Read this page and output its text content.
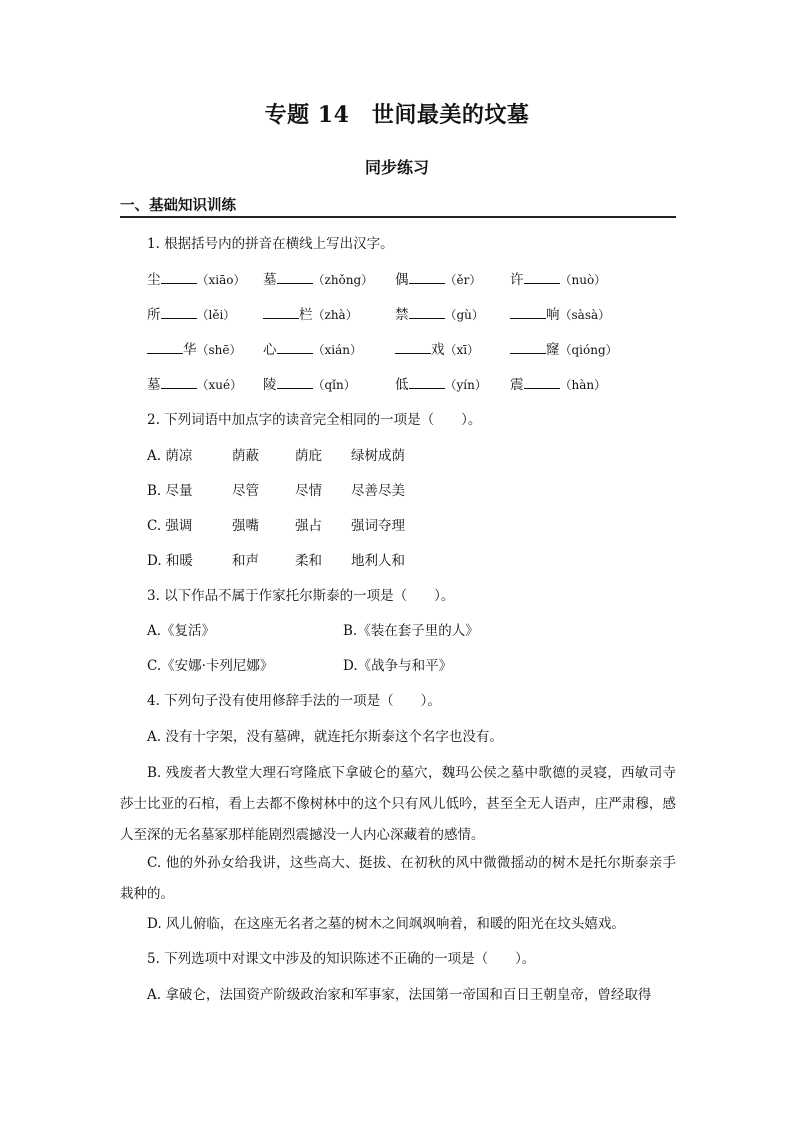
专题 14　世间最美的坟墓
同步练习
一、基础知识训练
1. 根据括号内的拼音在横线上写出汉字。
尘	（xiāo） 墓	（zhǒng） 偶	（ěr） 许	（nuò）
所	（lěi）	栏（zhà）	禁	（gù）	响（sàsà）
华（shē） 心	（xián）	戏（xī）	窿（qióng）
墓	（xué） 陵	（qǐn）	低	（yín） 震	（hàn）
2. 下列词语中加点字的读音完全相同的一项是（　　）。
A. 荫凉	荫蔽	荫庇 绿树成荫
B. 尽量	尽管	尽情 尽善尽美
C. 强调	强嘴	强占 强词夺理
D. 和暖	和声	柔和 地利人和
3. 以下作品不属于作家托尔斯泰的一项是（　　）。
A.《复活》	B.《装在套子里的人》
C.《安娜·卡列尼娜》	D.《战争与和平》
4. 下列句子没有使用修辞手法的一项是（　　）。
A. 没有十字架，没有墓碑，就连托尔斯泰这个名字也没有。
B. 残废者大教堂大理石穹隆底下拿破仑的墓穴，魏玛公侯之墓中歌德的灵寝，西敏司寺莎士比亚的石棺，看上去都不像树林中的这个只有风儿低吟，甚至全无人语声，庄严肃穆，感人至深的无名墓冢那样能剧烈震撼没一人内心深藏着的感情。
C. 他的外孙女给我讲，这些高大、挺拔、在初秋的风中微微摇动的树木是托尔斯泰亲手栽种的。
D. 风儿俯临，在这座无名者之墓的树木之间飒飒响着，和暖的阳光在坟头嬉戏。
5. 下列选项中对课文中涉及的知识陈述不正确的一项是（　　）。
A. 拿破仑，法国资产阶级政治家和军事家，法国第一帝国和百日王朝皇帝，曾经取得
